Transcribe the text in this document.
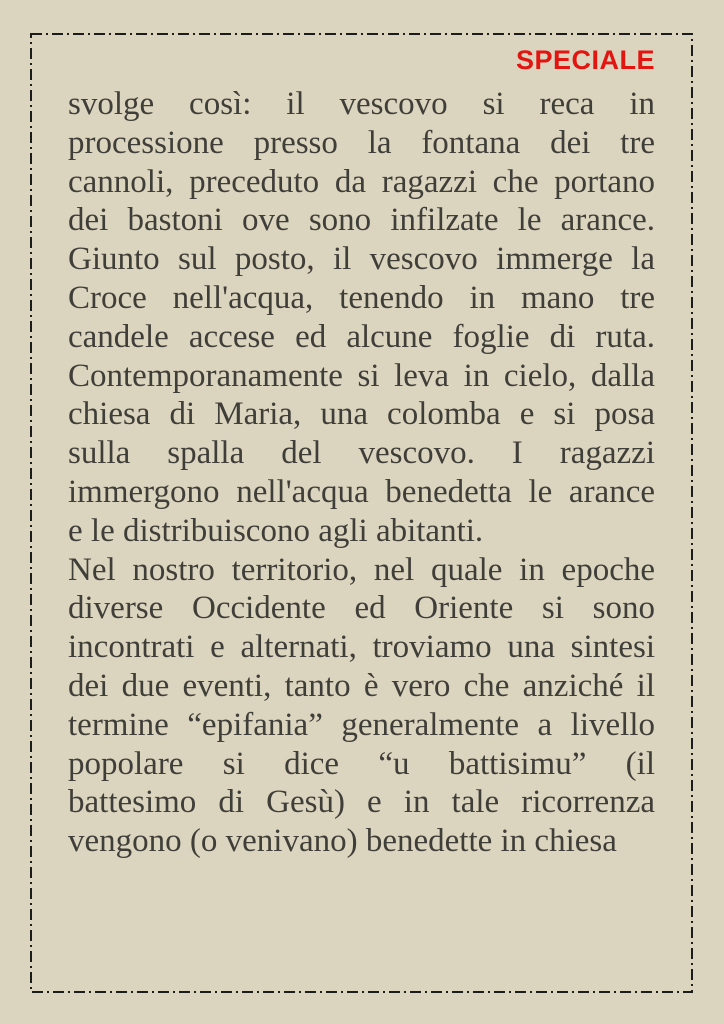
SPECIALE
svolge così: il vescovo si reca in
processione presso la fontana dei tre
cannoli, preceduto da ragazzi che portano
dei bastoni ove sono infilzate le arance.
Giunto sul posto, il vescovo immerge la
Croce nell'acqua, tenendo in mano tre
candele accese ed alcune foglie di ruta.
Contemporanamente si leva in cielo, dalla
chiesa di Maria, una colomba e si posa
sulla spalla del vescovo. I ragazzi
immergono nell'acqua benedetta le arance
e le distribuiscono agli abitanti.
Nel nostro territorio, nel quale in epoche
diverse Occidente ed Oriente si sono
incontrati e alternati, troviamo una sintesi
dei due eventi, tanto è vero che anziché il
termine “epifania” generalmente a livello
popolare si dice “u battisimu” (il
battesimo di Gesù) e in tale ricorrenza
vengono (o venivano) benedette in chiesa
